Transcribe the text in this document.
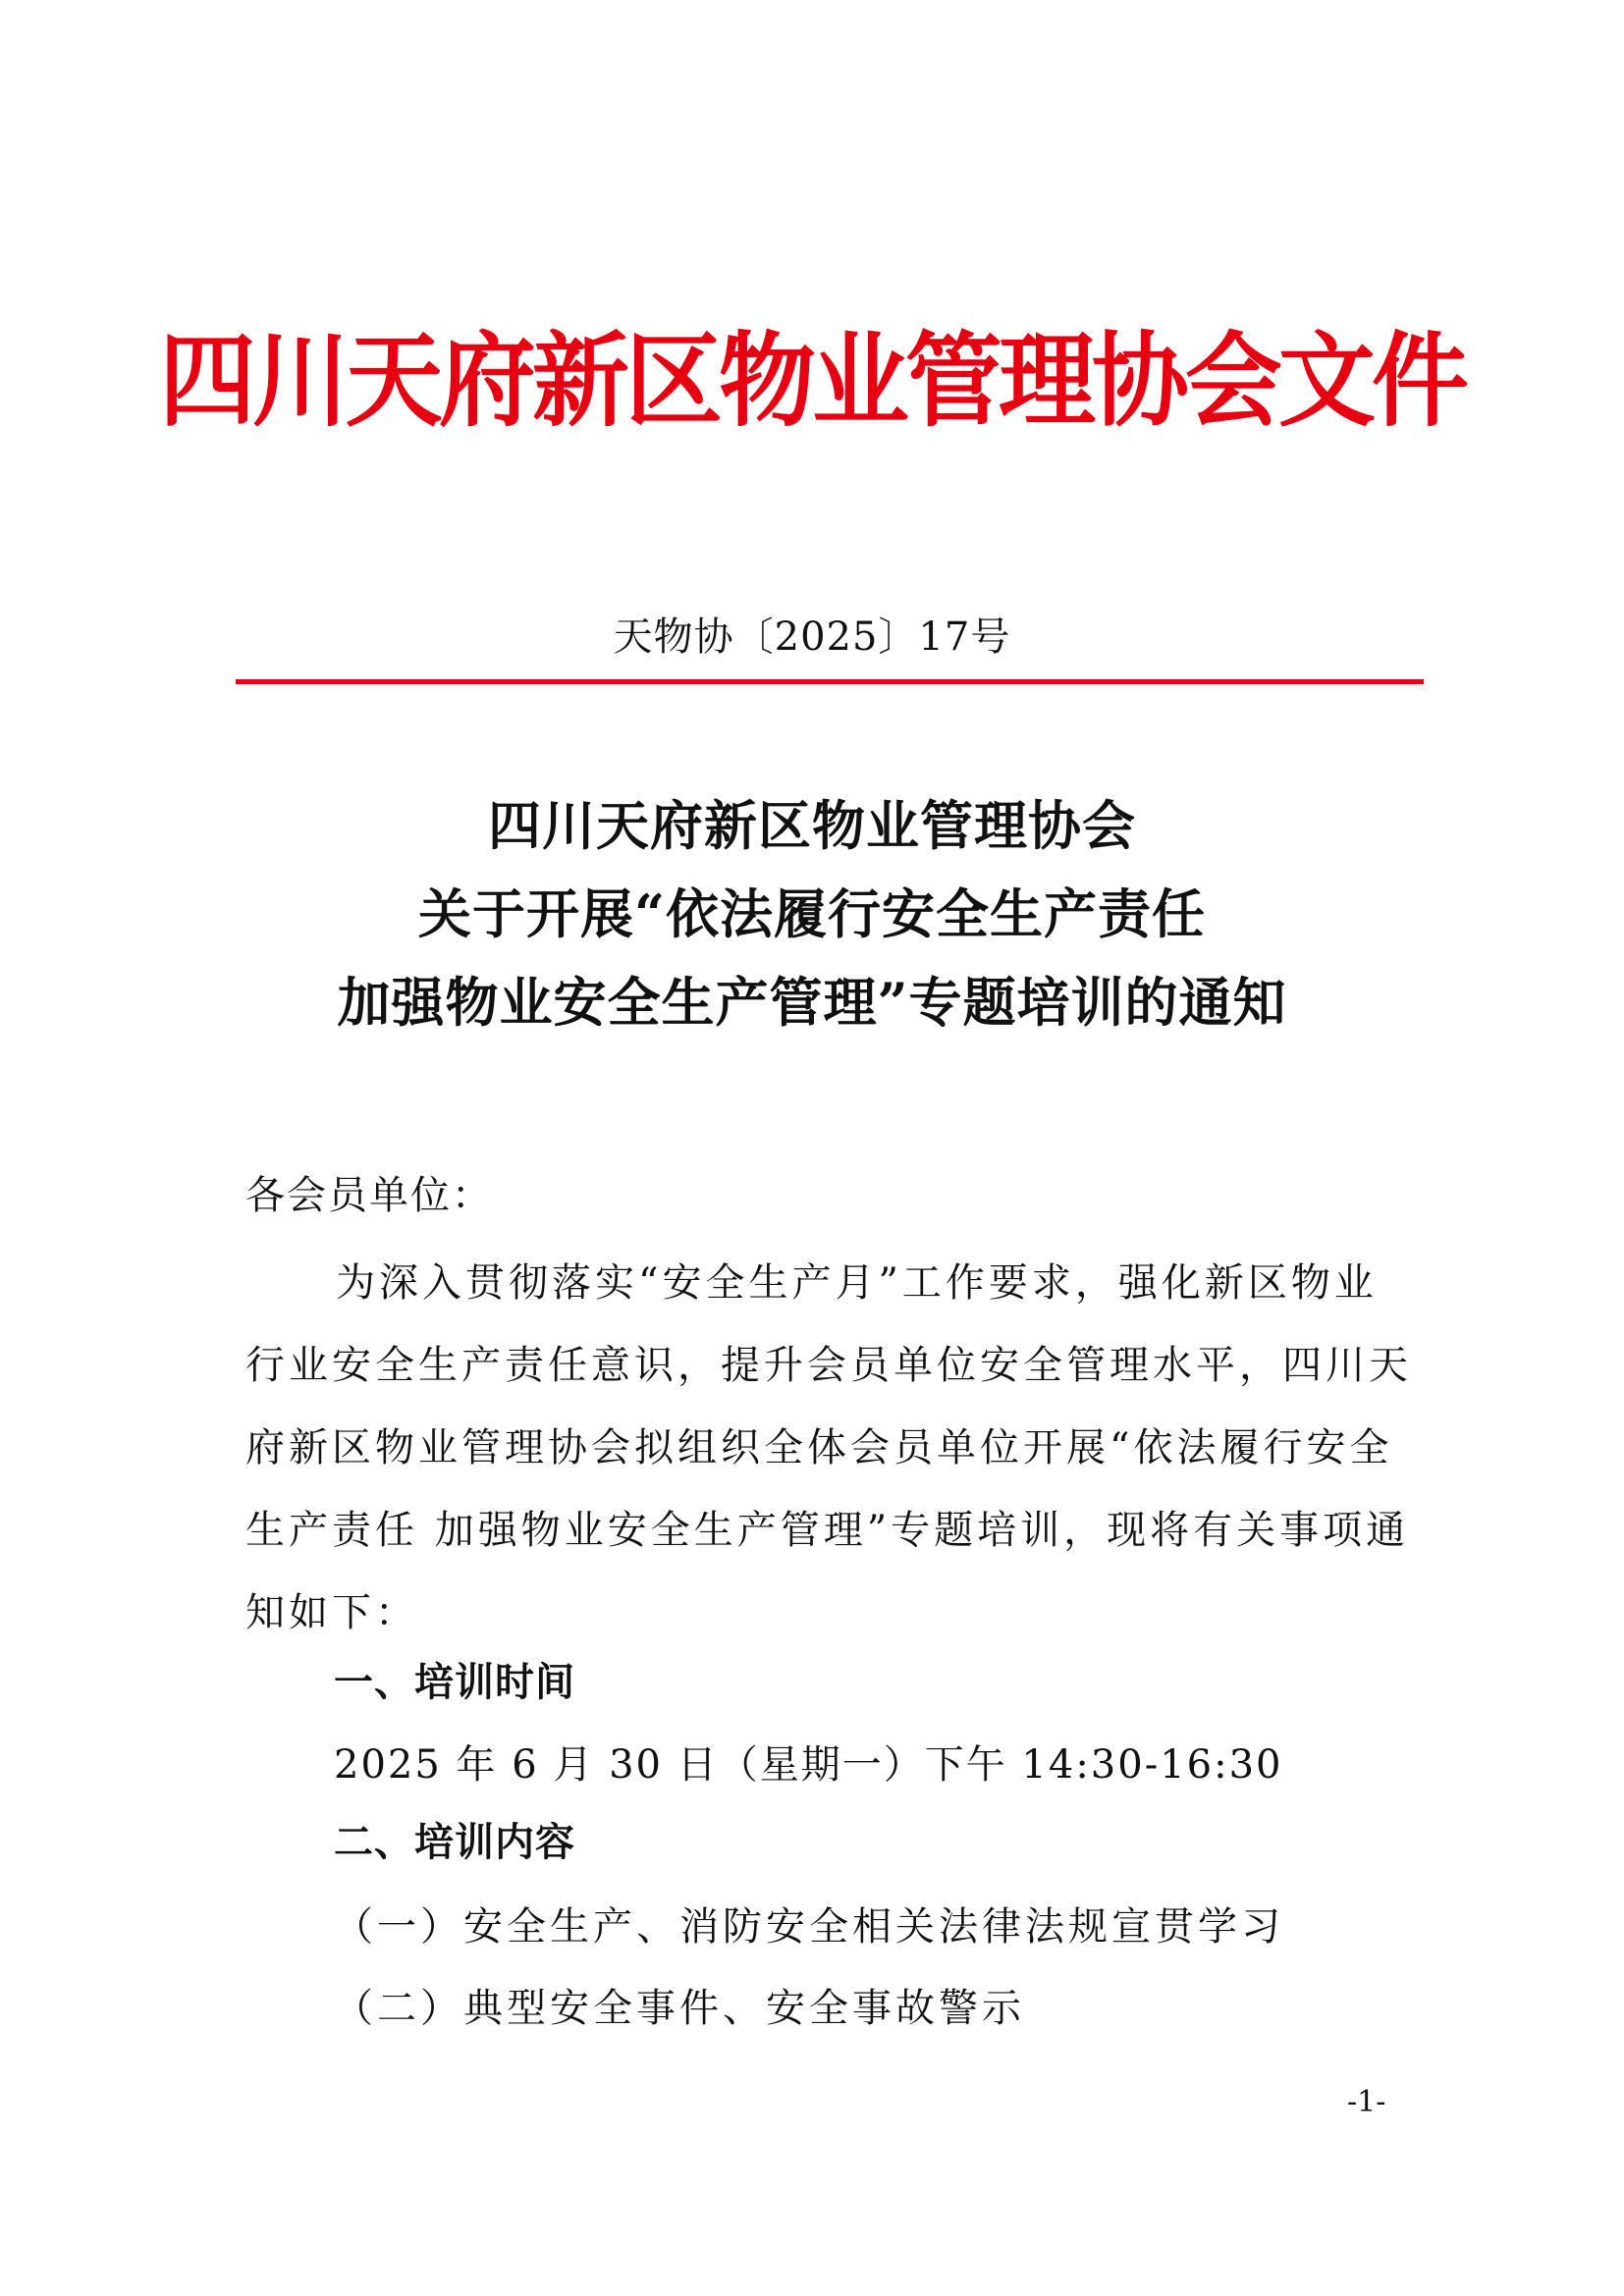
四川天府新区物业管理协会文件
天物协〔2025〕17号
四川天府新区物业管理协会
关于开展“依法履行安全生产责任
加强物业安全生产管理”专题培训的通知
各会员单位：
为深入贯彻落实“安全生产月”工作要求，强化新区物业
行业安全生产责任意识，提升会员单位安全管理水平，四川天
府新区物业管理协会拟组织全体会员单位开展“依法履行安全
生产责任 加强物业安全生产管理”专题培训，现将有关事项通
知如下：
一、培训时间
2025 年 6 月 30 日（星期一）下午 14:30-16:30
二、培训内容
（一）安全生产、消防安全相关法律法规宣贯学习
（二）典型安全事件、安全事故警示
-1-
